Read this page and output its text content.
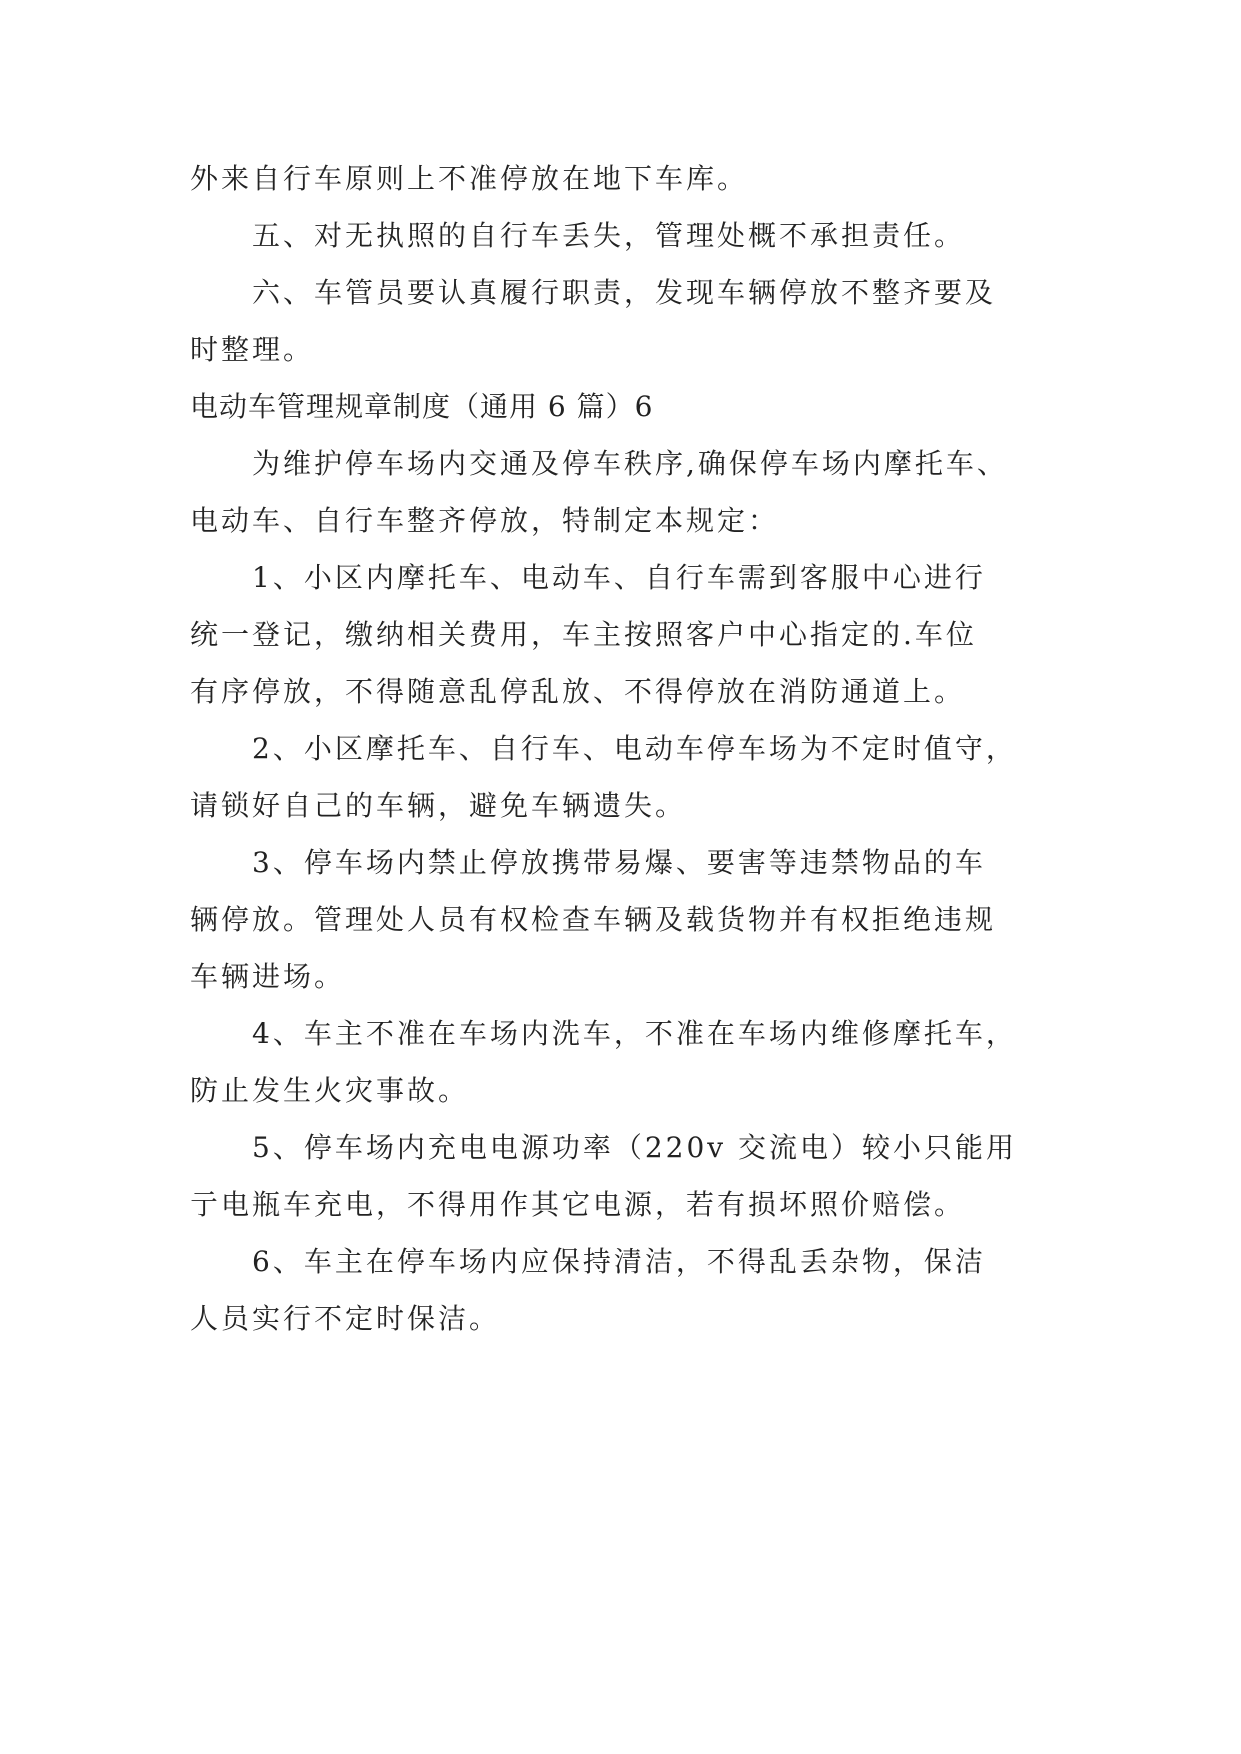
外来自行车原则上不准停放在地下车库。

五、对无执照的自行车丢失，管理处概不承担责任。

六、车管员要认真履行职责，发现车辆停放不整齐要及
时整理。

电动车管理规章制度（通用 6 篇）6

为维护停车场内交通及停车秩序,确保停车场内摩托车、
电动车、自行车整齐停放，特制定本规定：

1、小区内摩托车、电动车、自行车需到客服中心进行
统一登记，缴纳相关费用，车主按照客户中心指定的.车位
有序停放，不得随意乱停乱放、不得停放在消防通道上。

2、小区摩托车、自行车、电动车停车场为不定时值守，
请锁好自己的车辆，避免车辆遗失。

3、停车场内禁止停放携带易爆、要害等违禁物品的车
辆停放。管理处人员有权检查车辆及载货物并有权拒绝违规
车辆进场。

4、车主不准在车场内洗车，不准在车场内维修摩托车，
防止发生火灾事故。

5、停车场内充电电源功率（220v 交流电）较小只能用
亍电瓶车充电，不得用作其它电源，若有损坏照价赔偿。

6、车主在停车场内应保持清洁，不得乱丢杂物，保洁
人员实行不定时保洁。
